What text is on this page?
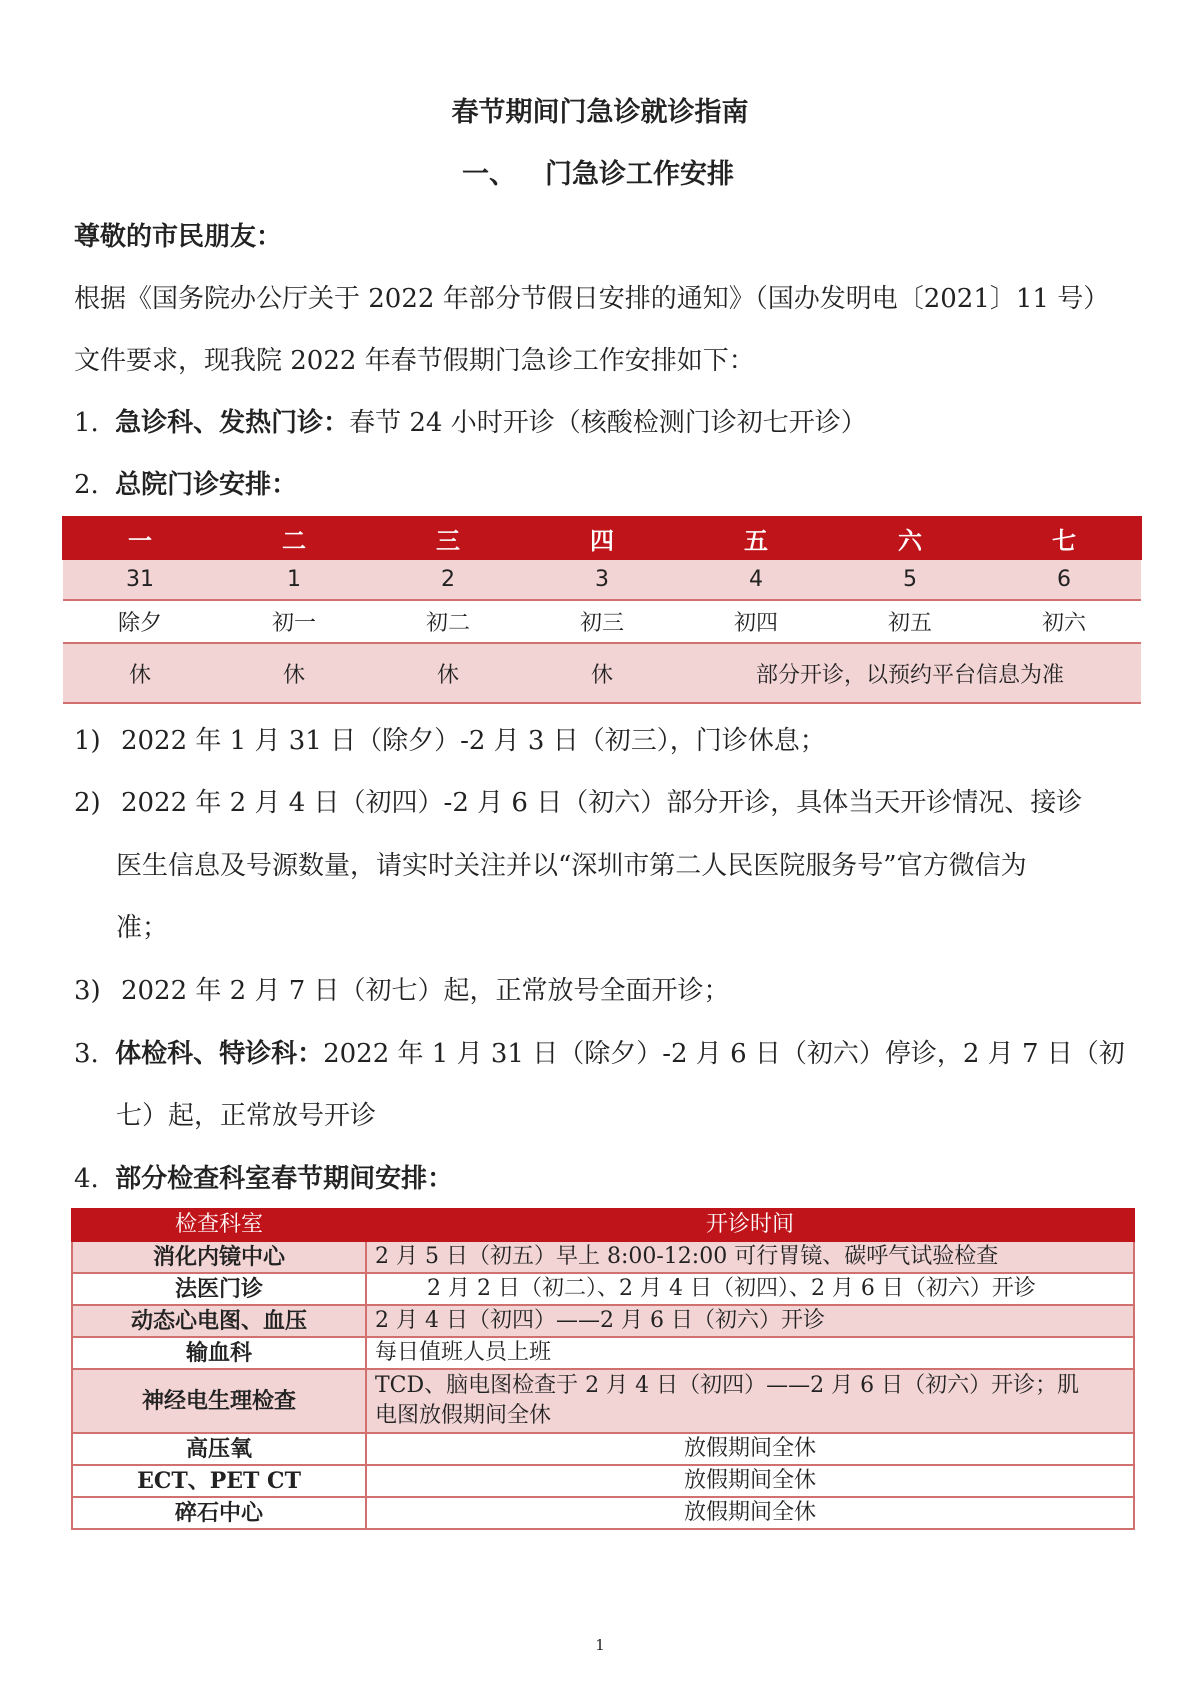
春节期间门急诊就诊指南
一、 门急诊工作安排
尊敬的市民朋友：
根据《国务院办公厅关于 2022 年部分节假日安排的通知》（国办发明电〔2021〕11 号）
文件要求，现我院 2022 年春节假期门急诊工作安排如下：
1. 急诊科、发热门诊：春节 24 小时开诊（核酸检测门诊初七开诊）
2. 总院门诊安排：
一	二	三	四	五	六	七
31	1	2	3	4	5	6
除夕	初一	初二	初三	初四	初五	初六
休	休	休	休	部分开诊，以预约平台信息为准		
1) 2022 年 1 月 31 日（除夕）-2 月 3 日（初三），门诊休息；
2) 2022 年 2 月 4 日（初四）-2 月 6 日（初六）部分开诊，具体当天开诊情况、接诊
医生信息及号源数量，请实时关注并以“深圳市第二人民医院服务号”官方微信为
准；
3) 2022 年 2 月 7 日（初七）起，正常放号全面开诊；
3. 体检科、特诊科：2022 年 1 月 31 日（除夕）-2 月 6 日（初六）停诊，2 月 7 日（初
七）起，正常放号开诊
4. 部分检查科室春节期间安排：
检查科室	开诊时间
消化内镜中心	2 月 5 日（初五）早上 8:00-12:00 可行胃镜、碳呼气试验检查
法医门诊	2 月 2 日（初二）、2 月 4 日（初四）、2 月 6 日（初六）开诊
动态心电图、血压	2 月 4 日（初四）——2 月 6 日（初六）开诊
输血科	每日值班人员上班
神经电生理检查	TCD、脑电图检查于 2 月 4 日（初四）——2 月 6 日（初六）开诊；肌
电图放假期间全休

高压氧	放假期间全休
ECT、PET CT	放假期间全休
碎石中心	放假期间全休
1
